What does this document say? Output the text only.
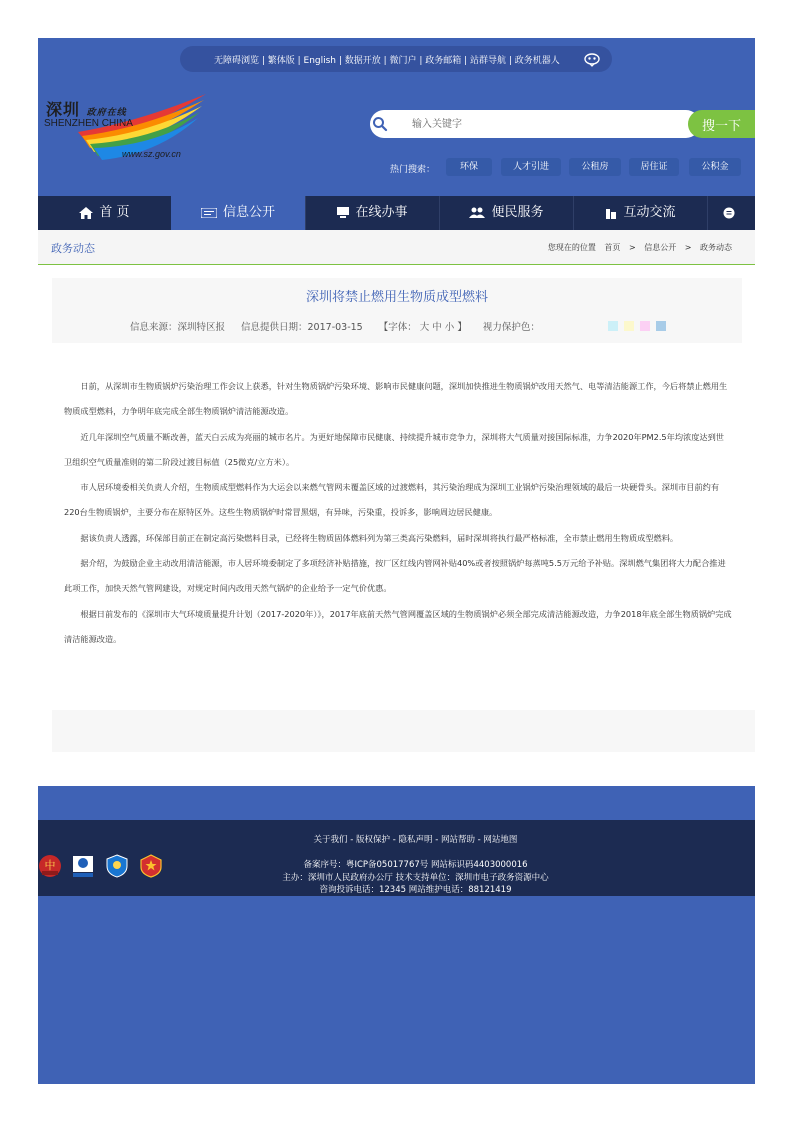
无障碍浏览 | 繁体版 | English | 数据开放 | 微门户 | 政务邮箱 | 站群导航 | 政务机器人
深圳 政府在线
SHENZHEN CHINA
www.sz.gov.cn
输入关键字
搜一下
热门搜索：	环保	人才引进	公租房	居住证	公积金
首 页	信息公开	在线办事	便民服务	互动交流
政务动态	您现在的位置 首页 > 信息公开 > 政务动态
深圳将禁止燃用生物质成型燃料
信息来源：深圳特区报 信息提供日期：2017-03-15 【字体： 大 中 小 】 视力保护色：

日前，从深圳市生物质锅炉污染治理工作会议上获悉，针对生物质锅炉污染环境、影响市民健康问题，深圳加快推进生物质锅炉改用天然气、电等清洁能源工作，今后将禁止燃用生物质成型燃料，力争明年底完成全部生物质锅炉清洁能源改造。

近几年深圳空气质量不断改善，蓝天白云成为亮丽的城市名片。为更好地保障市民健康、持续提升城市竞争力，深圳将大气质量对接国际标准，力争2020年PM2.5年均浓度达到世卫组织空气质量准则的第二阶段过渡目标值（25微克/立方米）。

市人居环境委相关负责人介绍，生物质成型燃料作为大运会以来燃气管网未覆盖区域的过渡燃料，其污染治理成为深圳工业锅炉污染治理领域的最后一块硬骨头。深圳市目前约有220台生物质锅炉，主要分布在原特区外。这些生物质锅炉时常冒黑烟，有异味，污染重，投诉多，影响周边居民健康。

据该负责人透露，环保部目前正在制定高污染燃料目录，已经将生物质固体燃料列为第三类高污染燃料，届时深圳将执行最严格标准，全市禁止燃用生物质成型燃料。

据介绍，为鼓励企业主动改用清洁能源，市人居环境委制定了多项经济补贴措施，按厂区红线内管网补贴40%或者按照锅炉每蒸吨5.5万元给予补贴。深圳燃气集团将大力配合推进此项工作，加快天然气管网建设，对规定时间内改用天然气锅炉的企业给予一定气价优惠。

根据日前发布的《深圳市大气环境质量提升计划（2017-2020年）》，2017年底前天然气管网覆盖区域的生物质锅炉必须全部完成清洁能源改造，力争2018年底全部生物质锅炉完成清洁能源改造。

中
关于我们 - 版权保护 - 隐私声明 - 网站帮助 - 网站地图
备案序号：粤ICP备05017767号 网站标识码4403000016
主办：深圳市人民政府办公厅 技术支持单位：深圳市电子政务资源中心
咨询投诉电话：12345 网站维护电话：88121419
